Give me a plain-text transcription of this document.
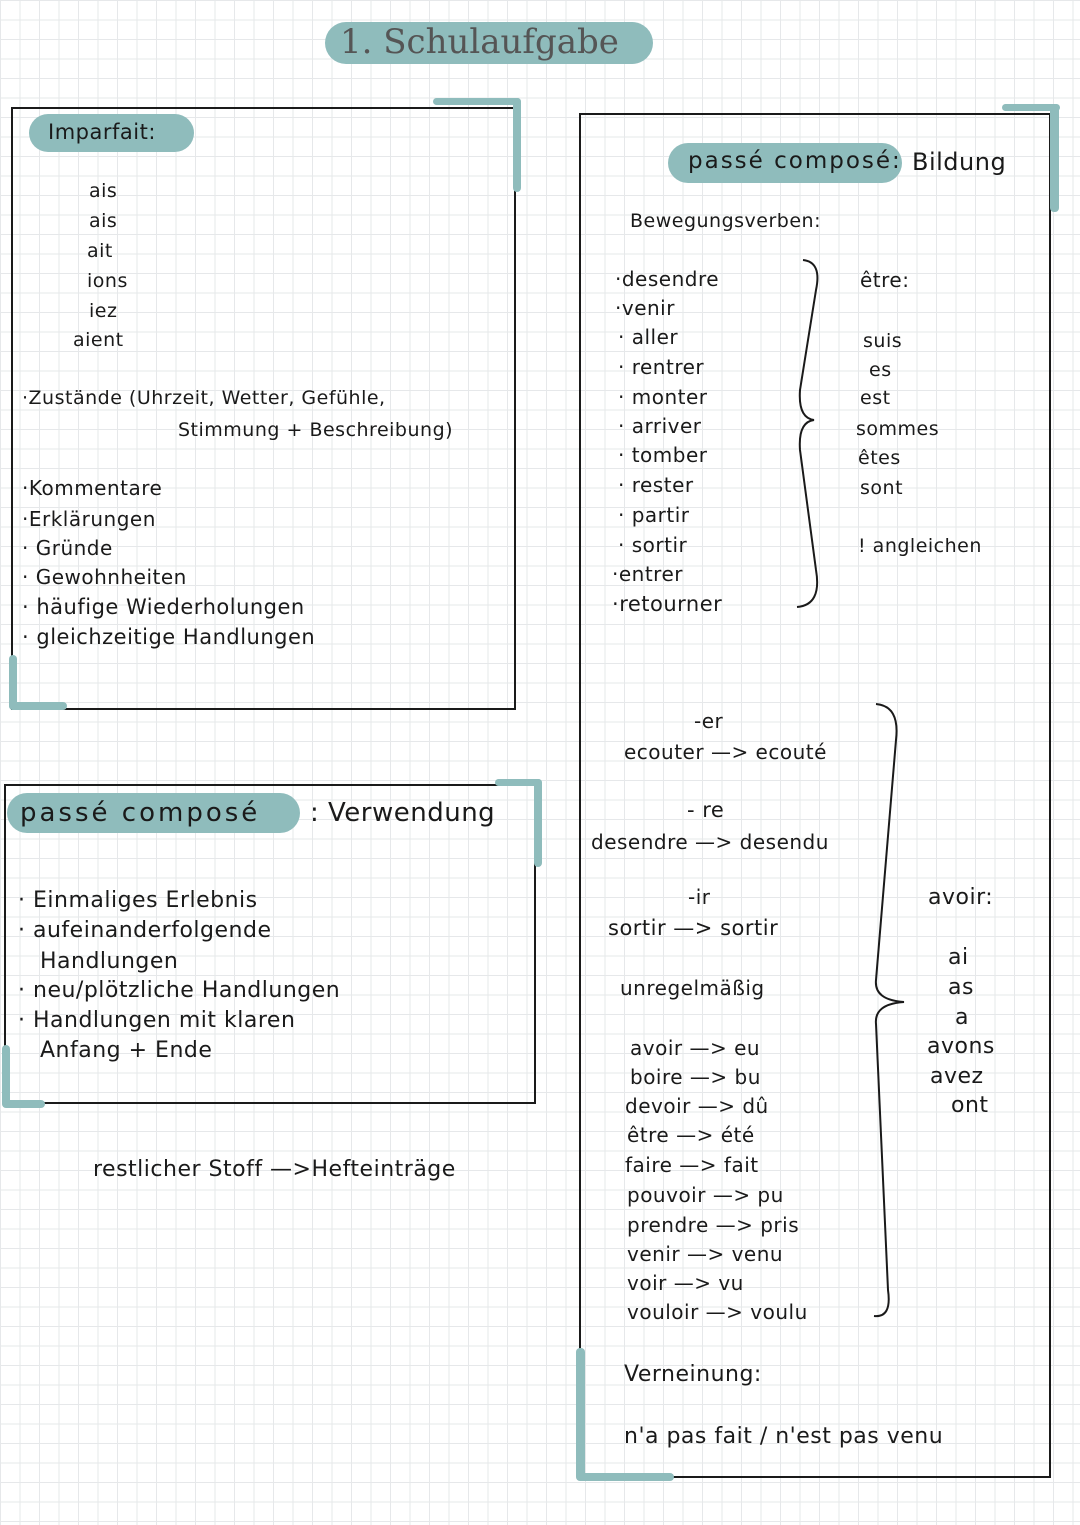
1. Schulaufgabe
Imparfait:
ais
ais
ait
ions
iez
aient
·Zustände (Uhrzeit, Wetter, Gefühle,
Stimmung + Beschreibung)
·Kommentare
·Erklärungen
· Gründe
· Gewohnheiten
· häufige Wiederholungen
· gleichzeitige Handlungen
passé composé : Verwendung
· Einmaliges Erlebnis
· aufeinanderfolgende
Handlungen
· neu/plötzliche Handlungen
· Handlungen mit klaren
Anfang + Ende
restlicher Stoff —>Hefteinträge
passé composé: Bildung
Bewegungsverben:
·desendre
·venir
· aller
· rentrer
· monter
· arriver
· tomber
· rester
· partir
· sortir
·entrer
·retourner
être:
suis
es
est
sommes
êtes
sont
! angleichen
-er
ecouter —> ecouté
- re
desendre —> desendu
-ir
sortir —> sortir
unregelmäßig
avoir —> eu
boire —> bu
devoir —> dû
être —> été
faire —> fait
pouvoir —> pu
prendre —> pris
venir —> venu
voir —> vu
vouloir —> voulu
avoir:
ai
as
a
avons
avez
ont
Verneinung:
n'a pas fait / n'est pas venu
